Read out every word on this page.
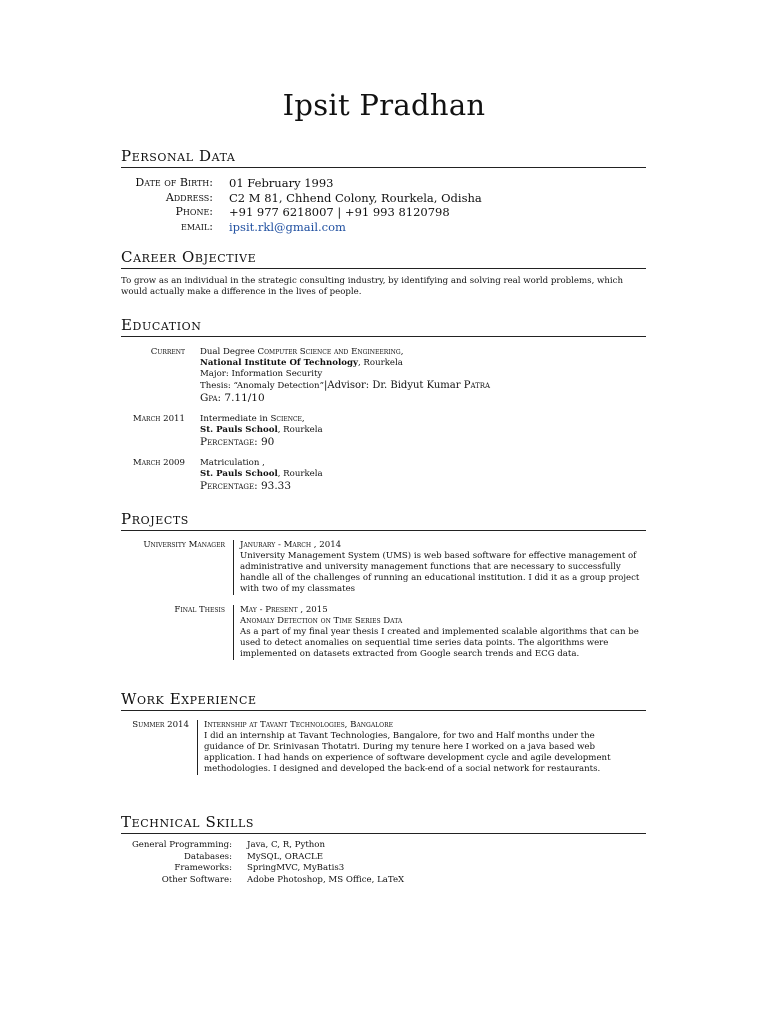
Ipsit Pradhan
Personal Data
Date of Birth: 01 February 1993
Address: C2 M 81, Chhend Colony, Rourkela, Odisha
Phone: +91 977 6218007 | +91 993 8120798
email: ipsit.rkl@gmail.com
Career Objective
To grow as an individual in the strategic consulting industry, by identifying and solving real world problems, which would actually make a difference in the lives of people.
Education
Current Dual Degree Computer Science and Engineering,
National Institute Of Technology, Rourkela
Major: Information Security
Thesis: “Anomaly Detection”|Advisor: Dr. Bidyut Kumar Patra
Gpa: 7.11/10
March 2011 Intermediate in Science,
St. Pauls School, Rourkela
Percentage: 90
March 2009 Matriculation ,
St. Pauls School, Rourkela
Percentage: 93.33
Projects
University Manager Janurary - March , 2014
University Management System (UMS) is web based software for effective management of administrative and university management functions that are necessary to successfully handle all of the challenges of running an educational institution. I did it as a group project with two of my classmates
Final Thesis May - Present , 2015
Anomaly Detection on Time Series Data
As a part of my final year thesis I created and implemented scalable algorithms that can be used to detect anomalies on sequential time series data points. The algorithms were implemented on datasets extracted from Google search trends and ECG data.
Work Experience
Summer 2014 Internship at Tavant Technologies, Bangalore
I did an internship at Tavant Technologies, Bangalore, for two and Half months under the guidance of Dr. Srinivasan Thotatri. During my tenure here I worked on a java based web application. I had hands on experience of software development cycle and agile development methodologies. I designed and developed the back-end of a social network for restaurants.
Technical Skills
General Programming: Java, C, R, Python
Databases: MySQL, ORACLE
Frameworks: SpringMVC, MyBatis3
Other Software: Adobe Photoshop, MS Office, LaTeX
